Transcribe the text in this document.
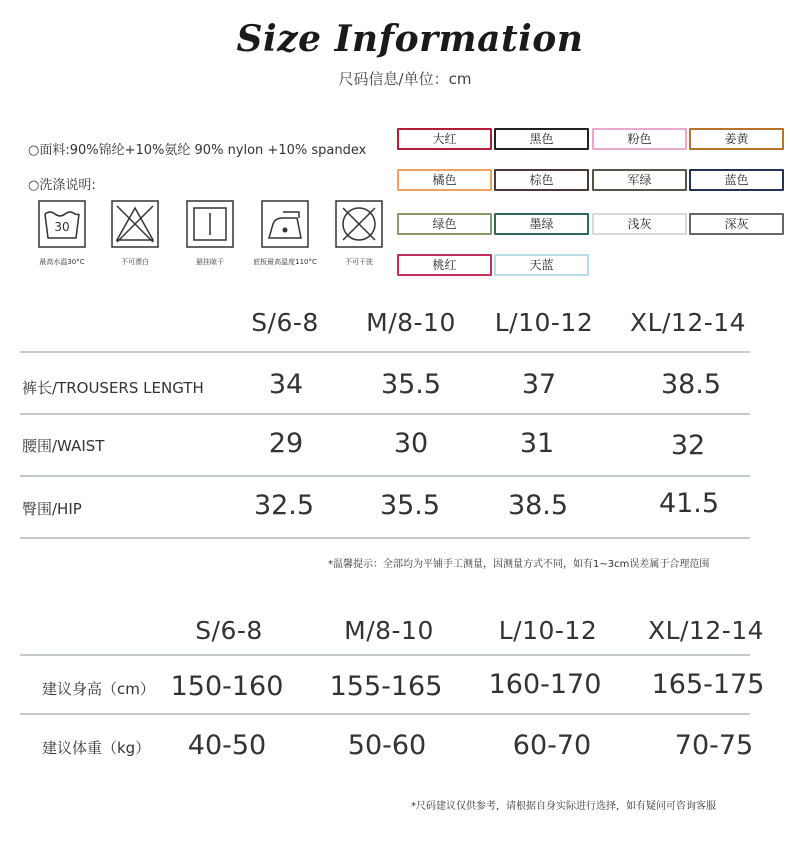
Size Information
尺码信息/单位：cm
○面料:90%锦纶+10%氨纶 90% nylon +10% spandex
○洗涤说明:
30
最高水温30°C	不可漂白	悬挂晾干	底板最高温度110°C	不可干洗
大红	黑色	粉色	姜黄
橘色	棕色	军绿	蓝色
绿色	墨绿	浅灰	深灰
桃红	天蓝
S/6-8 M/8-10 L/10-12 XL/12-14
裤长/TROUSERS LENGTH 34	35.5	37	38.5
腰围/WAIST	29	30	31	32
臀围/HIP	32.5 35.5	38.5	41.5
*温馨提示：全部均为平铺手工测量，因测量方式不同，如有1~3cm误差属于合理范围
S/6-8	M/8-10	L/10-12 XL/12-14
建议身高（cm） 150-160 155-165 160-170 165-175
建议体重（kg） 40-50	50-60	60-70	70-75
*尺码建议仅供参考，请根据自身实际进行选择，如有疑问可咨询客服
